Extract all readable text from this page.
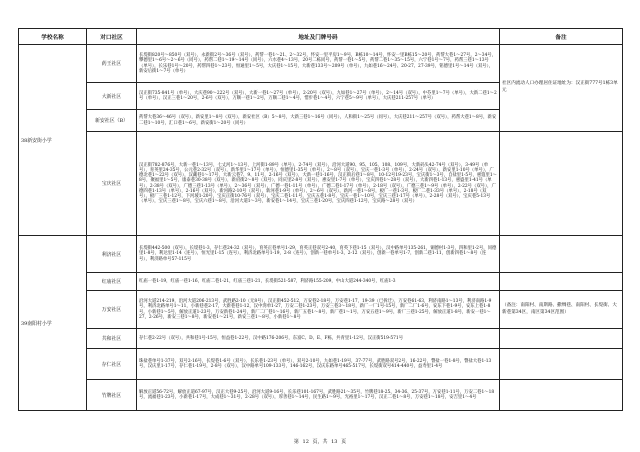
学校名称	对口社区	地址及门牌号码	备注
38新安街小学	药王社区	长堤街820号～850号（双号），永新街2号～36号（双号），药帮一巷1～21、2～32号，怀安一里平房1～9号，B栋10～14号，怀安一里B栋15～20号，药帮大巷1～27号，2～34号，攀德里1～6号～2～6号（同号），药帮二巷1～19～14号（同号），六水巷4～13号，20号二栋同号，药帮一巷1～5号，药帮二巷1～35～15号，六宁巷1号～7号，药帮三巷1～13号（单号），长乐巷1号～20号，药帮四巷1～23号，恒通里1～5号，大庆巷1～15号，大新巷133号～209号（单号），九如巷16～24号、20-27、27-39号，铭德里1号～14号（双号），新安后街1～7号（单号）	社区内流动人口办理居住证地址为：汉正街777号1栋3单元
	大新社区	汉正街735-841号（单号），大庆巷90～222号（双号），大新一巷1～27号（单号），2-20号（双号），九如巷1～27号（单号），2～14号（双号），中芬里1～7号（单号），大新二巷1～2号（单号），汉正三巷1～20号，2-6号（双号），万顺一巷1～2号，万顺二巷1～4号，惜步巷1～4号，六宁巷5～9号（单号），大庆巷211-257号（单号）	
	新安社区（B）	药帮大巷36～46号（双号），新安里1～8号（双号），新安社区（B）5～8号，大新三巷1～16号（同号），人和街1～25号（同号），大庆巷211～257号（双号），药帮大巷1～8号，新安二巷1～10号，汇口巷1～6号，新安街1～20号（同号）	
	宝庆社区	汉正街782-876号，大新一巷1～13号，七丈河1～13号，上河街1-89号（单号），2-74号（双号），沿河大道90、95、105、108、109号，大新码头42-74号（双号），3-49号（单号），育英里24-35号，公元巷2-32号（双号），新华里1～17号（单号），恒德里1-35号（单号），2～8号（双号），宝庆一巷1-3号（单号），2-24号（双号），新安里1-10号（单号），广德北巷1～22号（双号），汉藏巷1～17号，大新云巷7、9、11号，2-16号（双号），大新一巷1-16号，汉正街后巷1～8号，10-12号19-23号，宝庆街1～3号，自盐里1-5号，惠蔻里1～8号，聚福里1～5号，康泰巷30-38号（双号），新府街2～8号（双号），同庆里2-8号（双号），惠安里1-7号（单号），宝庆四巷1～28号（双号），大新四巷1-13号，惠盛里1-41号（单号），2-38号（双号），广德三巷1-13号（单号），2～36号（双号），广德一巷1-11号（单号），广德二巷1-17号（单号），2-18号（双号），广德三巷1～9号（单号），2-22号（双号），广德四巷1-13号（单号），2-16号（双号），新河路2-10号（双号），新河巷1-9号（单号），2～6号（双号），新河一巷1～8号，板厂一巷1-3号，板厂二巷1-33号（单号），2-18号（双号），板厂三巷1-12号，下河坡1-20号，宝庆正街10-76号（双号），宝庆二巷1-11号，宝庆五巷1-8号，宝庆一巷1～10号，宝庆三巷1-17号（单号），2-28号（双号），宝庆巷5-13号（单号），宝庆三巷1～8号，宝庆六巷1～8号，沿河大道1～3号，新安巷1～14号，宝庆三巷1-20号，宝庆四巷1-12号，宝庆路～28号（双号）	
39南阳村小学	利济社区	长堤街442-500（双号），长堤巷1-3，存仁巷24-32（双号），育英正巷单号1-29，育英正巷双号2-40，育英下巷1-15（双号），汉中路单号135-261，铜德村1-3号，四和里1-2号，同德里1-8号，利达里1-14（连号），恒光里1-15（连号），利济北路单号1-19，2-8（连号），创新一巷单号1-3，2-12（双号），创新一巷单号1-7，创新二巷1-11，创新四巷1～8号（连号），利济路单号57-115号	
	红庙社区	红庙一巷1-19，红庙一巷1-16，红庙二巷1-21，红庙三巷1-21，长堤街521-587，利济路155-209，中山大道244-340号，红庙1-3	
	万安社区	沿河大道214-219，沿河大道206-213号，武胜路2-10（无8号），汉正街452-512，万安巷2-18号，万安巷1-17，19-39（已拆迁），万安巷61-63，利济南路1～13号，利济南路1-9号，利济北路单号1～11，小新巷巷2-17，大新巷巷1-12，汉中湾单1-27，万安二巷1-23号，万安三巷3～18号，新厂一厂1号-15号，新厂二厂1-6号，安东下巷1-9号，安东上巷1-8号，小新巷1～5号，解放正道1-23号，万安新巷1-24号，新厂二厂巷1～16号，新厂五巷1～8号，新厂巷1～1号，万安五巷1～9号，新厂三巷1-25号，解放正道1-8号，新安一巷1～27，2-26号，新安三巷1～8号，新安巷1～21号，新安三巷1～8号，小新巷1～8号	（备注：南阳村、南斯路、撒绸巷、南阳村、长堤街、大新巷第34区，南区第34区范围）
	共和社区	存仁巷2-22号（双号），共和巷1号-15号，恒益巷1-22号，汉中路176-206号，东富C、D、E、F栋，共青里1-12号，汉正街519-571号	
	存仁社区	珠盐巷单号1-37号，双号2-16号，长堤巷1-6号（双号），长乐巷1-23号（单号），双号2-10号，九如巷1-19号，37-77号，武胜路双号2号，16-22号，瞥盐一巷1-8号，瞥盐大巷1-13号，汉庆里1-17号，存仁巷1-19号，2-8号（双号），汉中路单号109-133号，146-162号，汉庆东路单号465-517号，长堤街双号414-440号，益寿里1-4号	
	竹牌社区	解放正道56-72号，解放正道67-97号，汉正大巷9-25号，沿河大道9-16号，长乐巷101-167号，武胜路21～35号，竹牌巷18-25、34-36、25-37号，万安巷1-11号，万安二巷1～18号，流福巷1-23号，小新巷1-17号，大成巷1～31号，2-28号（双号），厚善巷1～14号，民生路1～9号，光裕里1～17号，汉正二巷1～8号，万安巷1～18号，安吉里1～4号	
第 12 页，共 13 页
